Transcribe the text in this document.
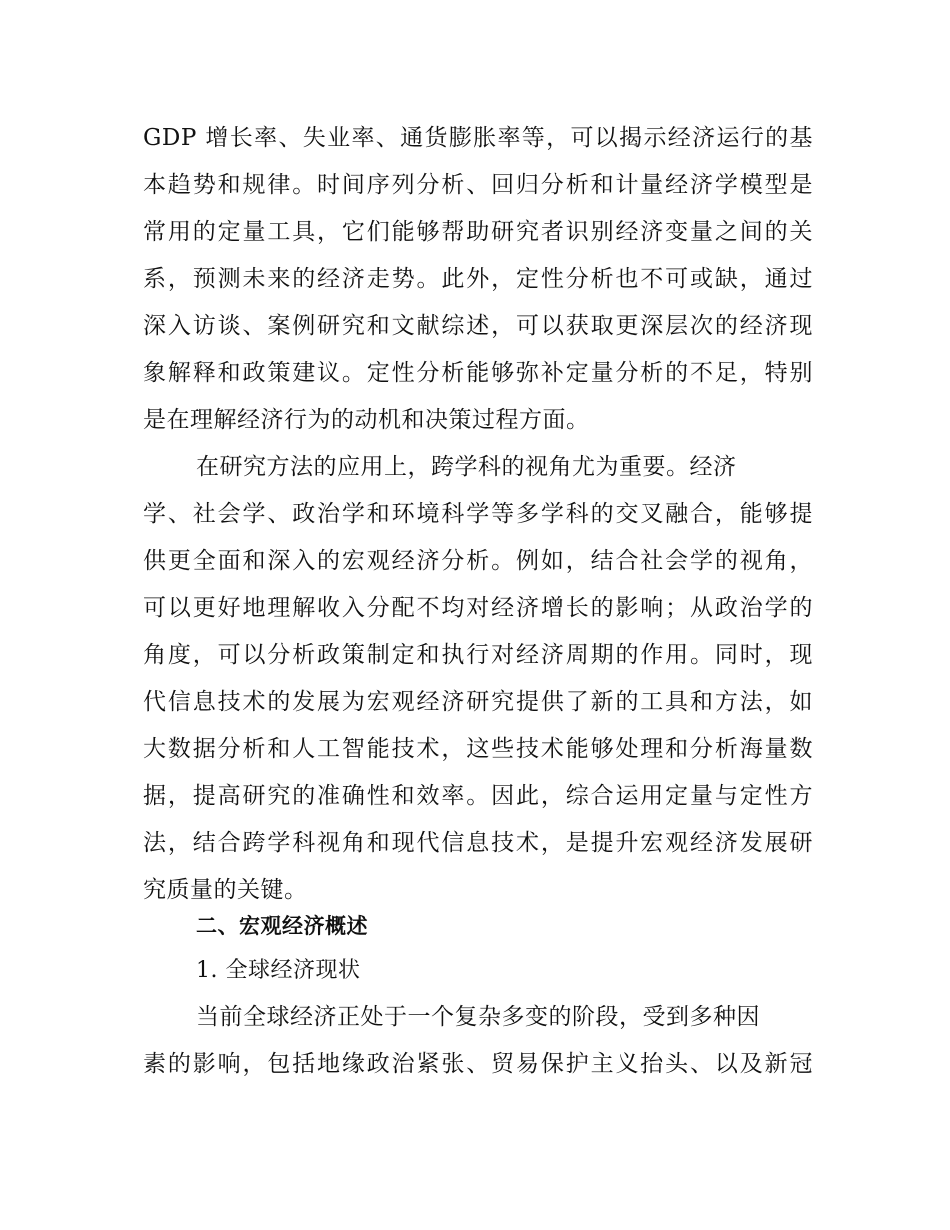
GDP 增长率、失业率、通货膨胀率等，可以揭示经济运行的基
本趋势和规律。时间序列分析、回归分析和计量经济学模型是
常用的定量工具，它们能够帮助研究者识别经济变量之间的关
系，预测未来的经济走势。此外，定性分析也不可或缺，通过
深入访谈、案例研究和文献综述，可以获取更深层次的经济现
象解释和政策建议。定性分析能够弥补定量分析的不足，特别
是在理解经济行为的动机和决策过程方面。
在研究方法的应用上，跨学科的视角尤为重要。经济
学、社会学、政治学和环境科学等多学科的交叉融合，能够提
供更全面和深入的宏观经济分析。例如，结合社会学的视角，
可以更好地理解收入分配不均对经济增长的影响；从政治学的
角度，可以分析政策制定和执行对经济周期的作用。同时，现
代信息技术的发展为宏观经济研究提供了新的工具和方法，如
大数据分析和人工智能技术，这些技术能够处理和分析海量数
据，提高研究的准确性和效率。因此，综合运用定量与定性方
法，结合跨学科视角和现代信息技术，是提升宏观经济发展研
究质量的关键。
二、宏观经济概述
1. 全球经济现状
当前全球经济正处于一个复杂多变的阶段，受到多种因
素的影响，包括地缘政治紧张、贸易保护主义抬头、以及新冠
